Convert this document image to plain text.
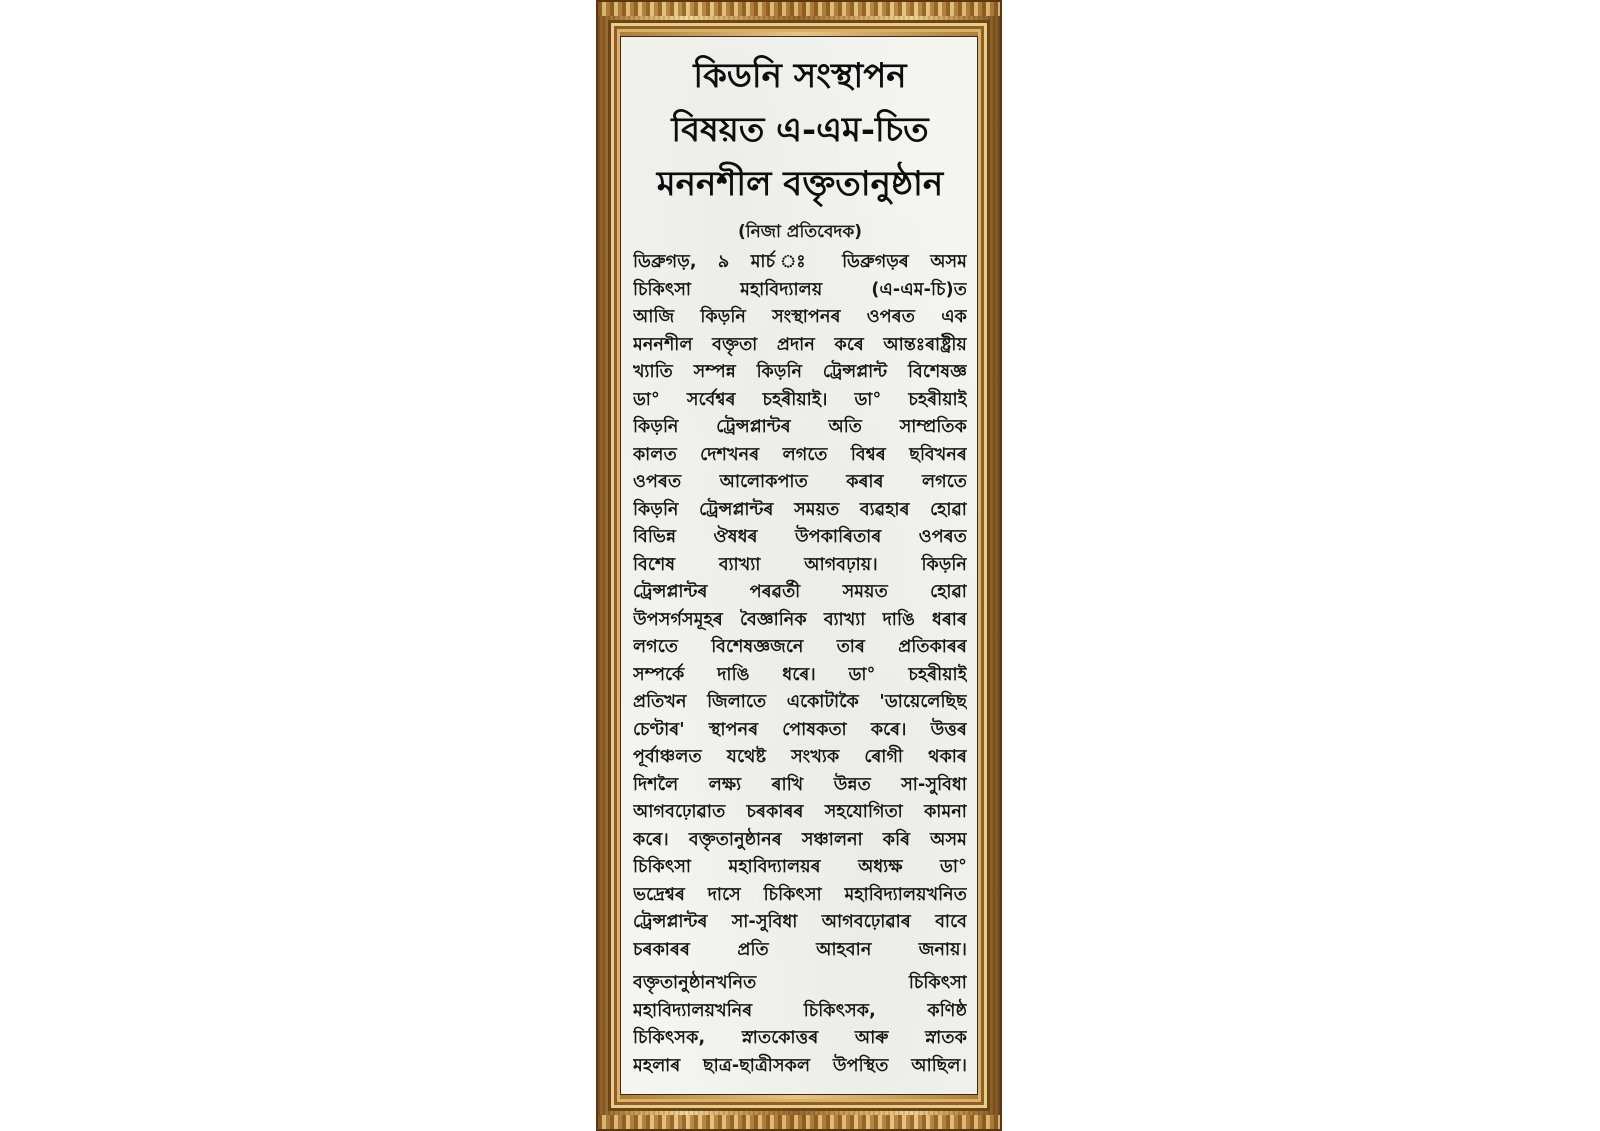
কিডনি সংস্থাপন
বিষয়ত এ-এম-চিত
মননশীল বক্তৃতানুষ্ঠান
(নিজা প্ৰতিবেদক)
ডিব্ৰুগড়, ৯ মাৰ্চ ঃ ডিব্ৰুগড়ৰ অসম
চিকিৎসা মহাবিদ্যালয় (এ-এম-চি)ত
আজি কিড়নি সংস্থাপনৰ ওপৰত এক
মননশীল বক্তৃতা প্ৰদান কৰে আন্তঃৰাষ্ট্ৰীয়
খ্যাতি সম্পন্ন কিড়নি ট্ৰেন্সপ্লান্ট বিশেষজ্ঞ
ডা° সৰ্বেশ্বৰ চহৰীয়াই। ডা° চহৰীয়াই
কিড়নি ট্ৰেন্সপ্লান্টৰ অতি সাম্প্ৰতিক
কালত দেশখনৰ লগতে বিশ্বৰ ছবিখনৰ
ওপৰত আলোকপাত কৰাৰ লগতে
কিড়নি ট্ৰেন্সপ্লান্টৰ সময়ত ব্যৱহাৰ হোৱা
বিভিন্ন ঔষধৰ উপকাৰিতাৰ ওপৰত
বিশেষ ব্যাখ্যা আগবঢ়ায়। কিড়নি
ট্ৰেন্সপ্লান্টৰ পৰৱৰ্তী সময়ত হোৱা
উপসৰ্গসমূহৰ বৈজ্ঞানিক ব্যাখ্যা দাঙি ধৰাৰ
লগতে বিশেষজ্ঞজনে তাৰ প্ৰতিকাৰৰ
সম্পৰ্কে দাঙি ধৰে। ডা° চহৰীয়াই
প্ৰতিখন জিলাতে একোটাকৈ 'ডায়েলেছিছ
চেণ্টাৰ' স্থাপনৰ পোষকতা কৰে। উত্তৰ
পূৰ্বাঞ্চলত যথেষ্ট সংখ্যক ৰোগী থকাৰ
দিশলৈ লক্ষ্য ৰাখি উন্নত সা-সুবিধা
আগবঢ়োৱাত চৰকাৰৰ সহযোগিতা কামনা
কৰে। বক্তৃতানুষ্ঠানৰ সঞ্চালনা কৰি অসম
চিকিৎসা মহাবিদ্যালয়ৰ অধ্যক্ষ ডা°
ভদ্ৰেশ্বৰ দাসে চিকিৎসা মহাবিদ্যালয়খনিত
ট্ৰেন্সপ্লান্টৰ সা-সুবিধা আগবঢ়োৱাৰ বাবে
চৰকাৰৰ প্ৰতি আহবান জনায়।
বক্তৃতানুষ্ঠানখনিত চিকিৎসা
মহাবিদ্যালয়খনিৰ চিকিৎসক, কণিষ্ঠ
চিকিৎসক, স্নাতকোত্তৰ আৰু স্নাতক
মহলাৰ ছাত্ৰ-ছাত্ৰীসকল উপস্থিত আছিল।
